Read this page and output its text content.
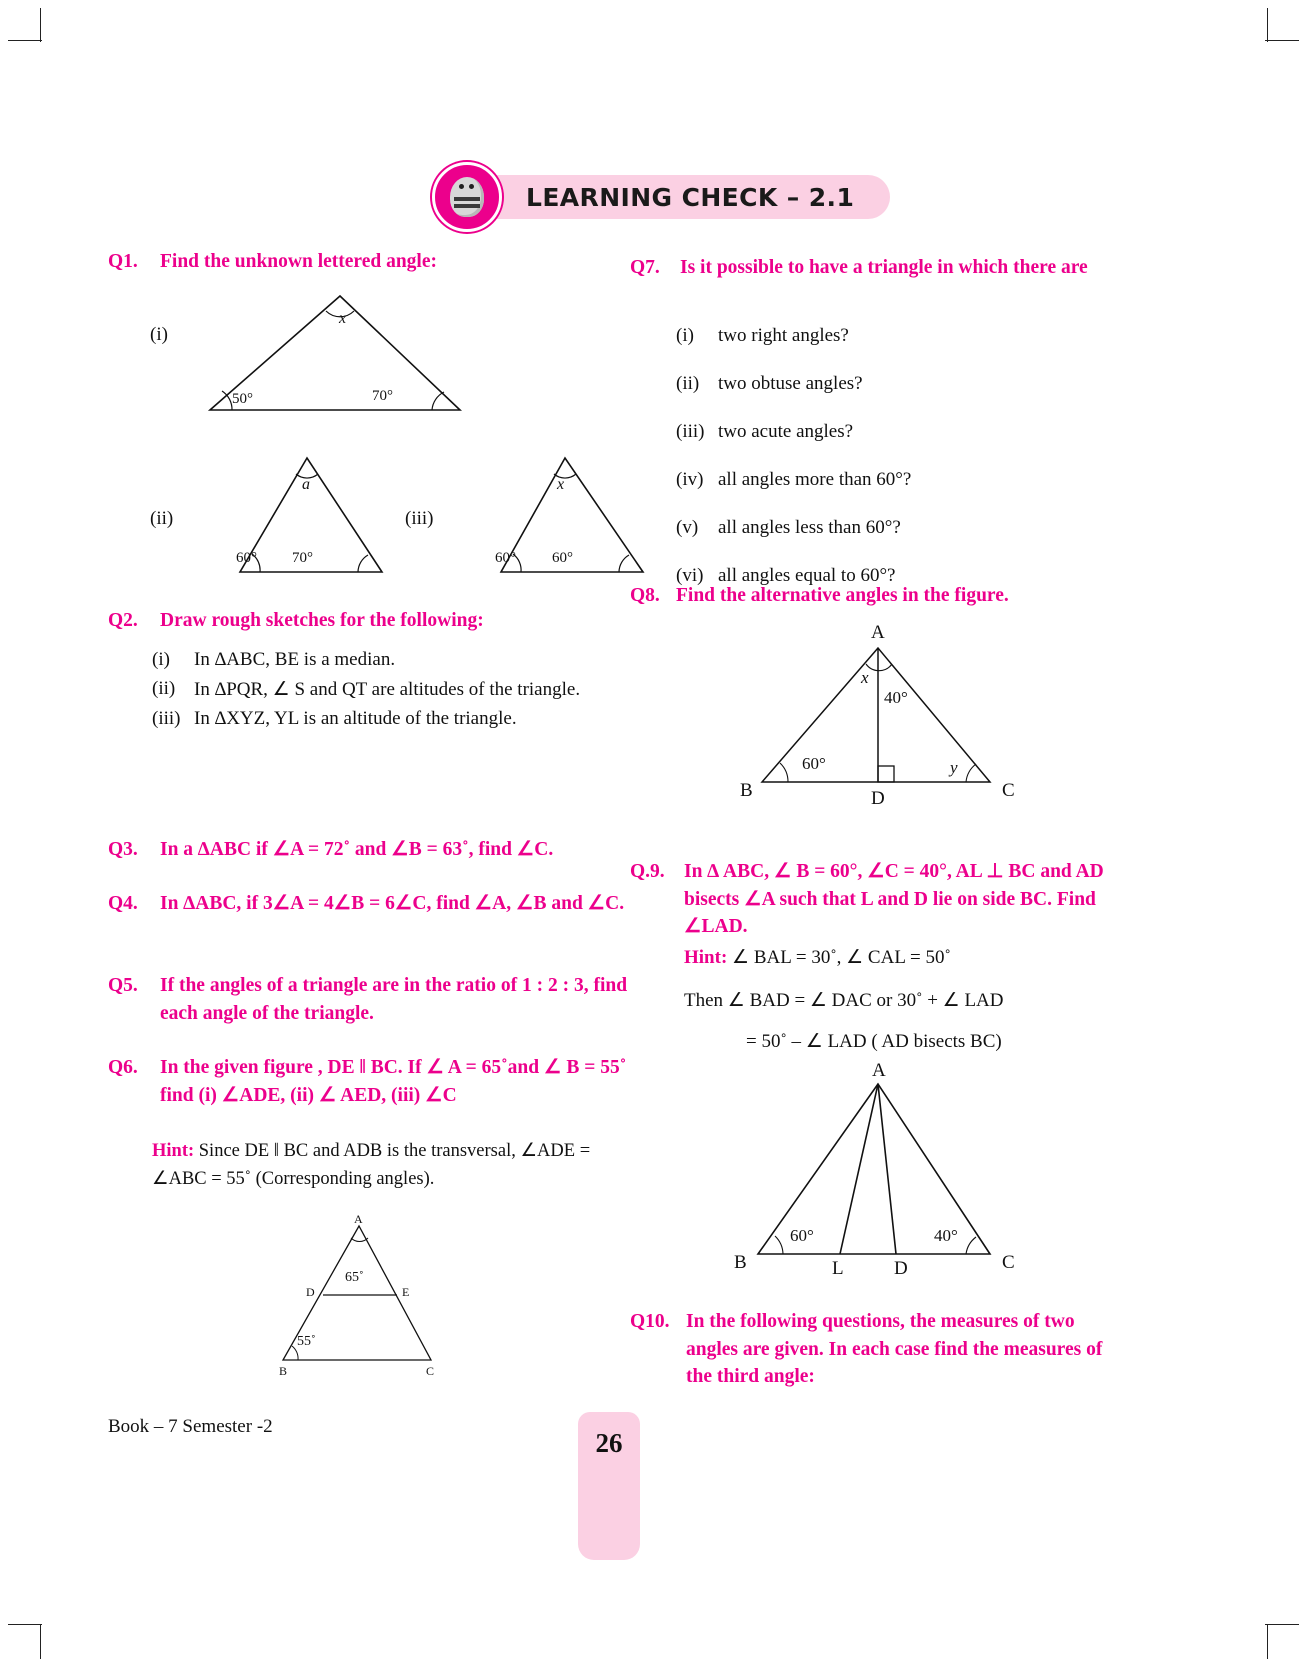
LEARNING CHECK – 2.1
Q1.	Find the unknown lettered angle:
(i)
x
50°	70°
(ii)
a
60° 70°
(iii)
x
60° 60°
Q2.	Draw rough sketches for the following:
(i)	In ∆ABC, BE is a median.
(ii) In ∆PQR, ∠ S and QT are altitudes of the triangle.
(iii) In ∆XYZ, YL is an altitude of the triangle.
Q3.	In a ∆ABC if ∠A = 72˚ and ∠B = 63˚, find ∠C.
Q4.	In ∆ABC, if 3∠A = 4∠B = 6∠C, find ∠A, ∠B and ∠C.
Q5.	If the angles of a triangle are in the ratio of 1 : 2 : 3, find each angle of the triangle.
Q6.	In the given figure , DE ǁ BC. If ∠ A = 65˚and ∠ B = 55˚ find (i) ∠ADE, (ii) ∠ AED, (iii) ∠C
Hint: Since DE ǁ BC and ADB is the transversal, ∠ADE = ∠ABC = 55˚ (Corresponding angles).
A
D	E
B	C
65˚
55˚
Q7.	Is it possible to have a triangle in which there are
(i)	two right angles?
(ii) two obtuse angles?
(iii) two acute angles?
(iv) all angles more than 60°?
(v)	all angles less than 60°?
(vi) all angles equal to 60°?
Q8. Find the alternative angles in the figure.
A
B	C
D
x
40°
60°	y
Q.9. In ∆ ABC, ∠ B = 60°, ∠C = 40°, AL ⊥ BC and AD bisects ∠A such that L and D lie on side BC. Find ∠LAD.
Hint: ∠ BAL = 30˚, ∠ CAL = 50˚
Then ∠ BAD = ∠ DAC or 30˚ + ∠ LAD
= 50˚ – ∠ LAD ( AD bisects BC)
A
B	L	D	C
60°	40°
Q10. In the following questions, the measures of two angles are given. In each case find the measures of the third angle:
Book – 7 Semester -2
26
